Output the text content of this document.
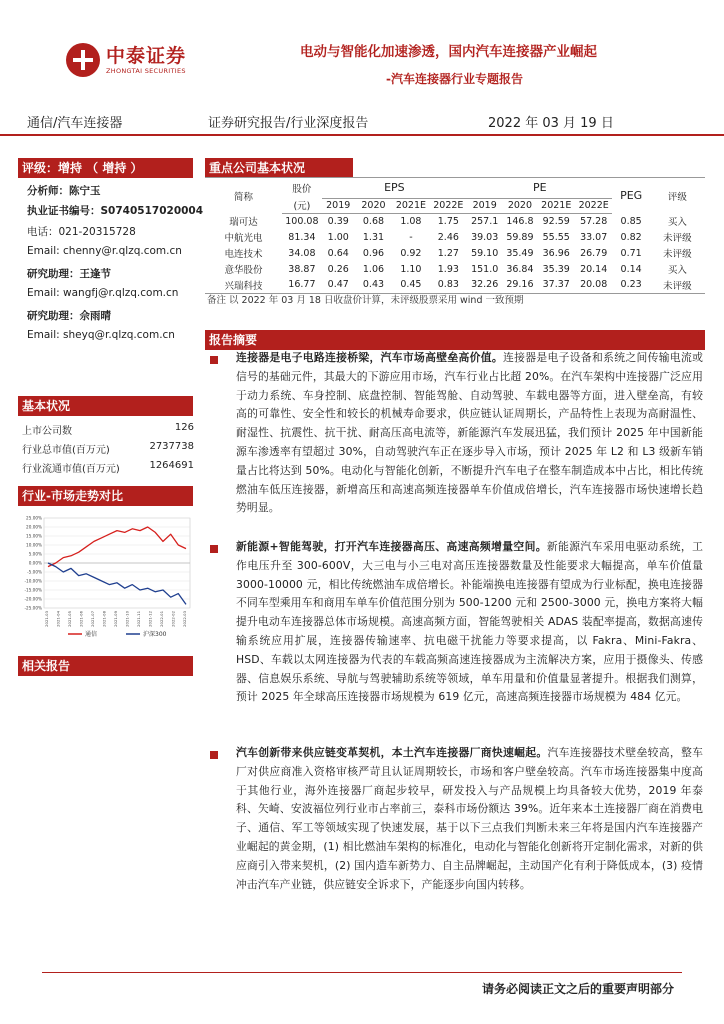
中泰证券
ZHONGTAI SECURITIES
电动与智能化加速渗透，国内汽车连接器产业崛起
-汽车连接器行业专题报告
通信/汽车连接器	证券研究报告/行业深度报告	2022 年 03 月 19 日
评级：增持 （ 增持 ）
分析师：陈宁玉
执业证书编号：S0740517020004
电话：021-20315728
Email: chenny@r.qlzq.com.cn
研究助理：王逢节
Email: wangfj@r.qlzq.com.cn
研究助理：佘雨晴
Email: sheyq@r.qlzq.com.cn
基本状况
上市公司数	126
行业总市值(百万元)	2737738
行业流通市值(百万元)	1264691
行业-市场走势对比
25.00%
20.00%
15.00%
10.00%
5.00%
0.00%
-5.00%
-10.00%
-15.00%
-20.00%
-25.00%
2021-03 2021-04 2021-05 2021-06 2021-07 2021-08 2021-09 2021-10 2021-11 2021-12 2022-01 2022-02 2022-03
通信	沪深300
相关报告
重点公司基本状况
简称	股价	EPS				PE				PEG	评级
	(元)	2019	2020	2021E	2022E	2019	2020	2021E	2022E		
瑞可达	100.08	0.39	0.68	1.08	1.75	257.1	146.8	92.59	57.28	0.85	买入
中航光电	81.34	1.00	1.31	-	2.46	39.03	59.89	55.55	33.07	0.82	未评级
电连技术	34.08	0.64	0.96	0.92	1.27	59.10	35.49	36.96	26.79	0.71	未评级
意华股份	38.87	0.26	1.06	1.10	1.93	151.0	36.84	35.39	20.14	0.14	买入
兴瑞科技	16.77	0.47	0.43	0.45	0.83	32.26	29.16	37.37	20.08	0.23	未评级
备注 以 2022 年 03 月 18 日收盘价计算，未评级股票采用 wind 一致预期
报告摘要
连接器是电子电路连接桥梁，汽车市场高壁垒高价值。连接器是电子设备和系统之间传输电流或信号的基础元件，其最大的下游应用市场，汽车行业占比超 20%。在汽车架构中连接器广泛应用于动力系统、车身控制、底盘控制、智能驾舱、自动驾驶、车载电器等方面，进入壁垒高，有较高的可靠性、安全性和较长的机械寿命要求，供应链认证周期长，产品特性上表现为高耐温性、耐湿性、抗震性、抗干扰、耐高压高电流等，新能源汽车发展迅猛，我们预计 2025 年中国新能源车渗透率有望超过 30%，自动驾驶汽车正在逐步导入市场，预计 2025 年 L2 和 L3 级新车销量占比将达到 50%。电动化与智能化创新，不断提升汽车电子在整车制造成本中占比，相比传统燃油车低压连接器，新增高压和高速高频连接器单车价值成倍增长，汽车连接器市场快速增长趋势明显。
新能源+智能驾驶，打开汽车连接器高压、高速高频增量空间。新能源汽车采用电驱动系统，工作电压升至 300-600V，大三电与小三电对高压连接器数量及性能要求大幅提高，单车价值量 3000-10000 元，相比传统燃油车成倍增长。补能端换电连接器有望成为行业标配，换电连接器不同车型乘用车和商用车单车价值范围分别为 500-1200 元和 2500-3000 元，换电方案将大幅提升电动车连接器总体市场规模。高速高频方面，智能驾驶相关 ADAS 装配率提高，数据高速传输系统应用扩展，连接器传输速率、抗电磁干扰能力等要求提高，以 Fakra、Mini-Fakra、HSD、车载以太网连接器为代表的车载高频高速连接器成为主流解决方案，应用于摄像头、传感器、信息娱乐系统、导航与驾驶辅助系统等领域，单车用量和价值量显著提升。根据我们测算，预计 2025 年全球高压连接器市场规模为 619 亿元，高速高频连接器市场规模为 484 亿元。
汽车创新带来供应链变革契机，本土汽车连接器厂商快速崛起。汽车连接器技术壁垒较高，整车厂对供应商准入资格审核严苛且认证周期较长，市场和客户壁垒较高。汽车市场连接器集中度高于其他行业，海外连接器厂商起步较早，研发投入与产品规模上均具备较大优势，2019 年泰科、矢崎、安波福位列行业市占率前三，泰科市场份额达 39%。近年来本土连接器厂商在消费电子、通信、军工等领域实现了快速发展，基于以下三点我们判断未来三年将是国内汽车连接器产业崛起的黄金期，(1) 相比燃油车架构的标准化，电动化与智能化创新将开定制化需求，对新的供应商引入带来契机，(2) 国内造车新势力、自主品牌崛起，主动国产化有利于降低成本，(3) 疫情冲击汽车产业链，供应链安全诉求下，产能逐步向国内转移。
请务必阅读正文之后的重要声明部分
